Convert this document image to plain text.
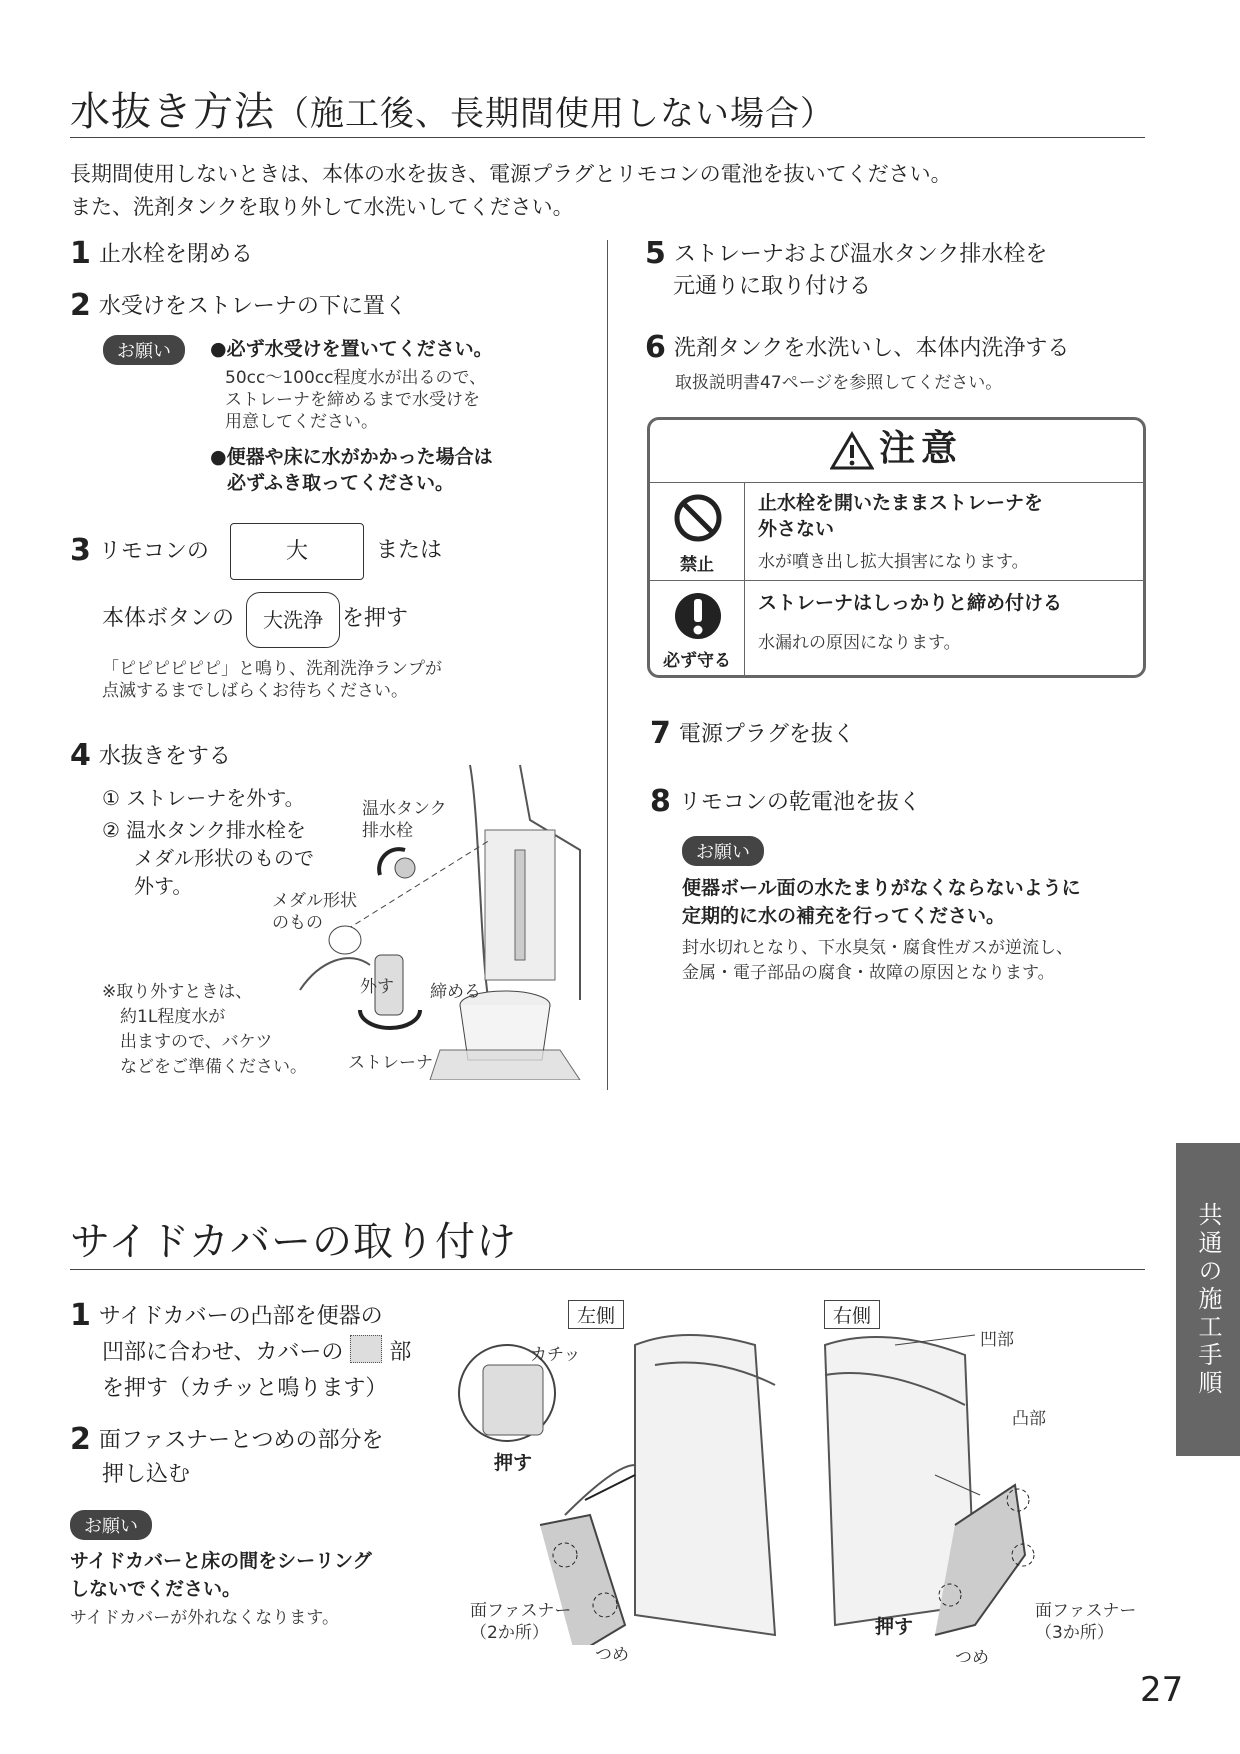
水抜き方法（施工後、長期間使用しない場合）
長期間使用しないときは、本体の水を抜き、電源プラグとリモコンの電池を抜いてください。
また、洗剤タンクを取り外して水洗いしてください。
1 止水栓を閉める
2 水受けをストレーナの下に置く
お願い	●必ず水受けを置いてください。
50cc〜100cc程度水が出るので、
ストレーナを締めるまで水受けを
用意してください。
●便器や床に水がかかった場合は
必ずふき取ってください。
3 リモコンの	大	または
本体ボタンの	大洗浄 を押す
「ピピピピピピ」と鳴り、洗剤洗浄ランプが
点滅するまでしばらくお待ちください。
4 水抜きをする
① ストレーナを外す。
② 温水タンク排水栓を
メダル形状のもので
外す。
※取り外すときは、
約1L程度水が
出ますので、バケツ
などをご準備ください。
温水タンク
排水栓
メダル形状
のもの
外す 締める
ストレーナ
5 ストレーナおよび温水タンク排水栓を
元通りに取り付ける
6 洗剤タンクを水洗いし、本体内洗浄する
取扱説明書47ページを参照してください。
注意
禁止
止水栓を開いたままストレーナを
外さない
水が噴き出し拡大損害になります。
必ず守る
ストレーナはしっかりと締め付ける
水漏れの原因になります。
7 電源プラグを抜く
8 リモコンの乾電池を抜く
お願い
便器ボール面の水たまりがなくならないように
定期的に水の補充を行ってください。
封水切れとなり、下水臭気・腐食性ガスが逆流し、
金属・電子部品の腐食・故障の原因となります。
共通の施工手順
サイドカバーの取り付け
1 サイドカバーの凸部を便器の
凹部に合わせ、カバーの 部
を押す（カチッと鳴ります）
2 面ファスナーとつめの部分を
押し込む
お願い
サイドカバーと床の間をシーリング
しないでください。
サイドカバーが外れなくなります。
左側
カチッ
押す
面ファスナー
（2か所）
つめ
右側
凹部
凸部
押す
面ファスナー
（3か所）
つめ
27
